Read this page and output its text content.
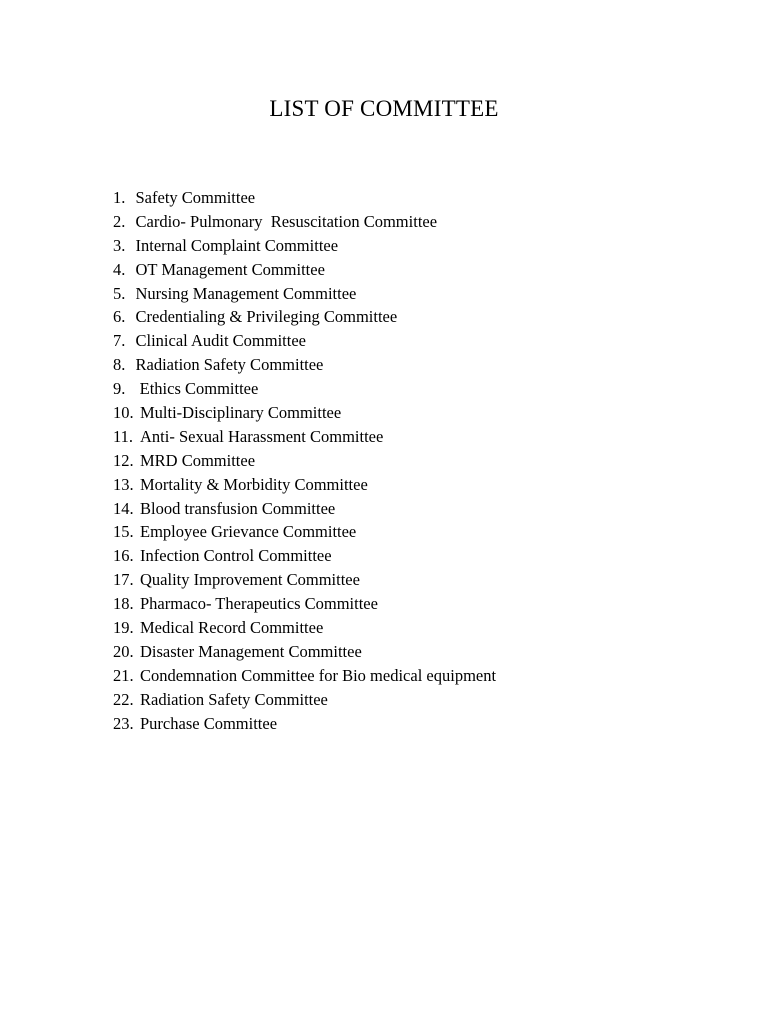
LIST OF COMMITTEE
1. Safety Committee
2. Cardio- Pulmonary  Resuscitation Committee
3. Internal Complaint Committee
4. OT Management Committee
5. Nursing Management Committee
6. Credentialing & Privileging Committee
7. Clinical Audit Committee
8. Radiation Safety Committee
9. Ethics Committee
10. Multi-Disciplinary Committee
11. Anti- Sexual Harassment Committee
12. MRD Committee
13. Mortality & Morbidity Committee
14. Blood transfusion Committee
15. Employee Grievance Committee
16. Infection Control Committee
17. Quality Improvement Committee
18. Pharmaco- Therapeutics Committee
19. Medical Record Committee
20. Disaster Management Committee
21. Condemnation Committee for Bio medical equipment
22. Radiation Safety Committee
23. Purchase Committee
